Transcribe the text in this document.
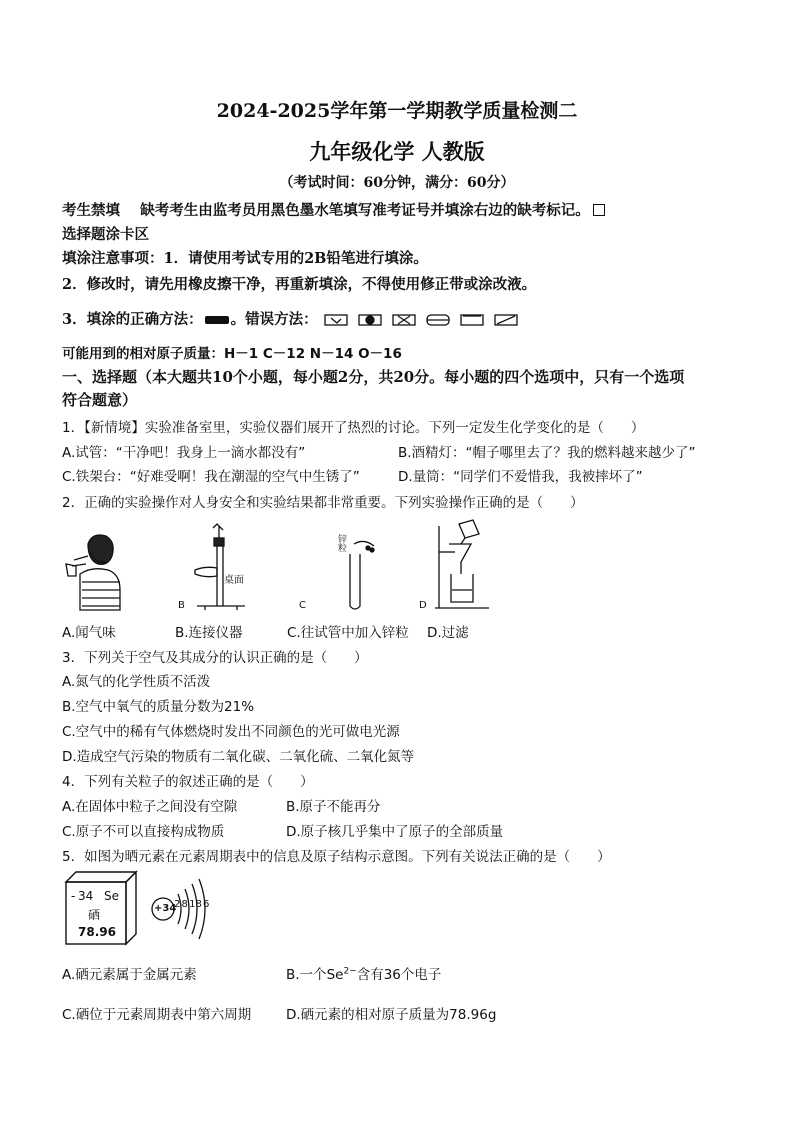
2024-2025学年第一学期教学质量检测二
九年级化学 人教版
（考试时间：60分钟，满分：60分）
考生禁填 缺考考生由监考员用黑色墨水笔填写准考证号并填涂右边的缺考标记。
选择题涂卡区
填涂注意事项：1．请使用考试专用的2B铅笔进行填涂。
2．修改时，请先用橡皮擦干净，再重新填涂，不得使用修正带或涂改液。
3．填涂的正确方法： 。错误方法：
可能用到的相对原子质量：H－1 C－12 N－14 O－16
一、选择题（本大题共10个小题，每小题2分，共20分。每小题的四个选项中，只有一个选项
符合题意）
1．【新情境】实验准备室里，实验仪器们展开了热烈的讨论。下列一定发生化学变化的是（　　）
A.试管：“干净吧！我身上一滴水都没有”	B.酒精灯：“帽子哪里去了？我的燃料越来越少了”
C.铁架台：“好难受啊！我在潮湿的空气中生锈了”	D.量筒：“同学们不爱惜我，我被摔坏了”
2．正确的实验操作对人身安全和实验结果都非常重要。下列实验操作正确的是（　　）
B
桌面
锌粒
C	D
A.闻气味	B.连接仪器	C.往试管中加入锌粒 D.过滤
3．下列关于空气及其成分的认识正确的是（　　）
A.氮气的化学性质不活泼
B.空气中氧气的质量分数为21%
C.空气中的稀有气体燃烧时发出不同颜色的光可做电光源
D.造成空气污染的物质有二氧化碳、二氧化硫、二氧化氮等
4．下列有关粒子的叙述正确的是（　　）
A.在固体中粒子之间没有空隙	B.原子不能再分
C.原子不可以直接构成物质	D.原子核几乎集中了原子的全部质量
5．如图为晒元素在元素周期表中的信息及原子结构示意图。下列有关说法正确的是（　　）
- 34 Se
硒
78.96
+34
2 8 18 6
A.硒元素属于金属元素	B.一个$Se^{2-}$含有36个电子
C.硒位于元素周期表中第六周期	D.硒元素的相对原子质量为78.96g
